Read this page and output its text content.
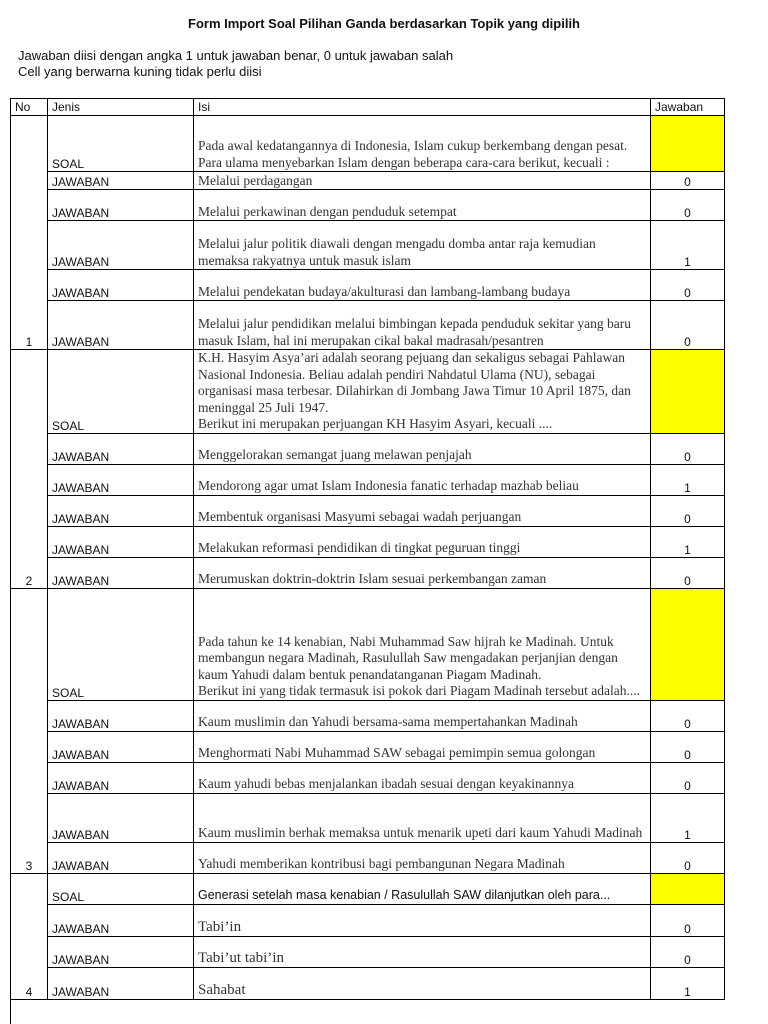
Form Import Soal Pilihan Ganda berdasarkan Topik yang dipilih
Jawaban diisi dengan angka 1 untuk jawaban benar, 0 untuk jawaban salah
Cell yang berwarna kuning tidak perlu diisi
No	Jenis	Isi	Jawaban
1	SOAL	Pada awal kedatangannya di Indonesia, Islam cukup berkembang dengan pesat. Para ulama menyebarkan Islam dengan beberapa cara-cara berikut, kecuali :	
	JAWABAN	Melalui perdagangan	0
	JAWABAN	Melalui perkawinan dengan penduduk setempat	0
	JAWABAN	Melalui jalur politik diawali dengan mengadu domba antar raja kemudian memaksa rakyatnya untuk masuk islam	1
	JAWABAN	Melalui pendekatan budaya/akulturasi dan lambang-lambang budaya	0
	JAWABAN	Melalui jalur pendidikan melalui bimbingan kepada penduduk sekitar yang baru masuk Islam, hal ini merupakan cikal bakal madrasah/pesantren	0
2	SOAL	K.H. Hasyim Asya’ari adalah seorang pejuang dan sekaligus sebagai Pahlawan Nasional Indonesia. Beliau adalah pendiri Nahdatul Ulama (NU), sebagai organisasi masa terbesar. Dilahirkan di Jombang Jawa Timur 10 April 1875, dan meninggal 25 Juli 1947.
Berikut ini merupakan perjuangan KH Hasyim Asyari, kecuali ....	
	JAWABAN	Menggelorakan semangat juang melawan penjajah	0
	JAWABAN	Mendorong agar umat Islam Indonesia fanatic terhadap mazhab beliau	1
	JAWABAN	Membentuk organisasi Masyumi sebagai wadah perjuangan	0
	JAWABAN	Melakukan reformasi pendidikan di tingkat peguruan tinggi	1
	JAWABAN	Merumuskan doktrin-doktrin Islam sesuai perkembangan zaman	0
3	SOAL	Pada tahun ke 14 kenabian, Nabi Muhammad Saw hijrah ke Madinah. Untuk membangun negara Madinah, Rasulullah Saw mengadakan perjanjian dengan kaum Yahudi dalam bentuk penandatanganan Piagam Madinah.
Berikut ini yang tidak termasuk isi pokok dari Piagam Madinah tersebut adalah....	
	JAWABAN	Kaum muslimin dan Yahudi bersama-sama mempertahankan Madinah	0
	JAWABAN	Menghormati Nabi Muhammad SAW sebagai pemimpin semua golongan	0
	JAWABAN	Kaum yahudi bebas menjalankan ibadah sesuai dengan keyakinannya	0
	JAWABAN	Kaum muslimin berhak memaksa untuk menarik upeti dari kaum Yahudi Madinah	1
	JAWABAN	Yahudi memberikan kontribusi bagi pembangunan Negara Madinah	0
4	SOAL	Generasi setelah masa kenabian / Rasulullah SAW dilanjutkan oleh para...	
	JAWABAN	Tabi’in	0
	JAWABAN	Tabi’ut tabi’in	0
	JAWABAN	Sahabat	1
